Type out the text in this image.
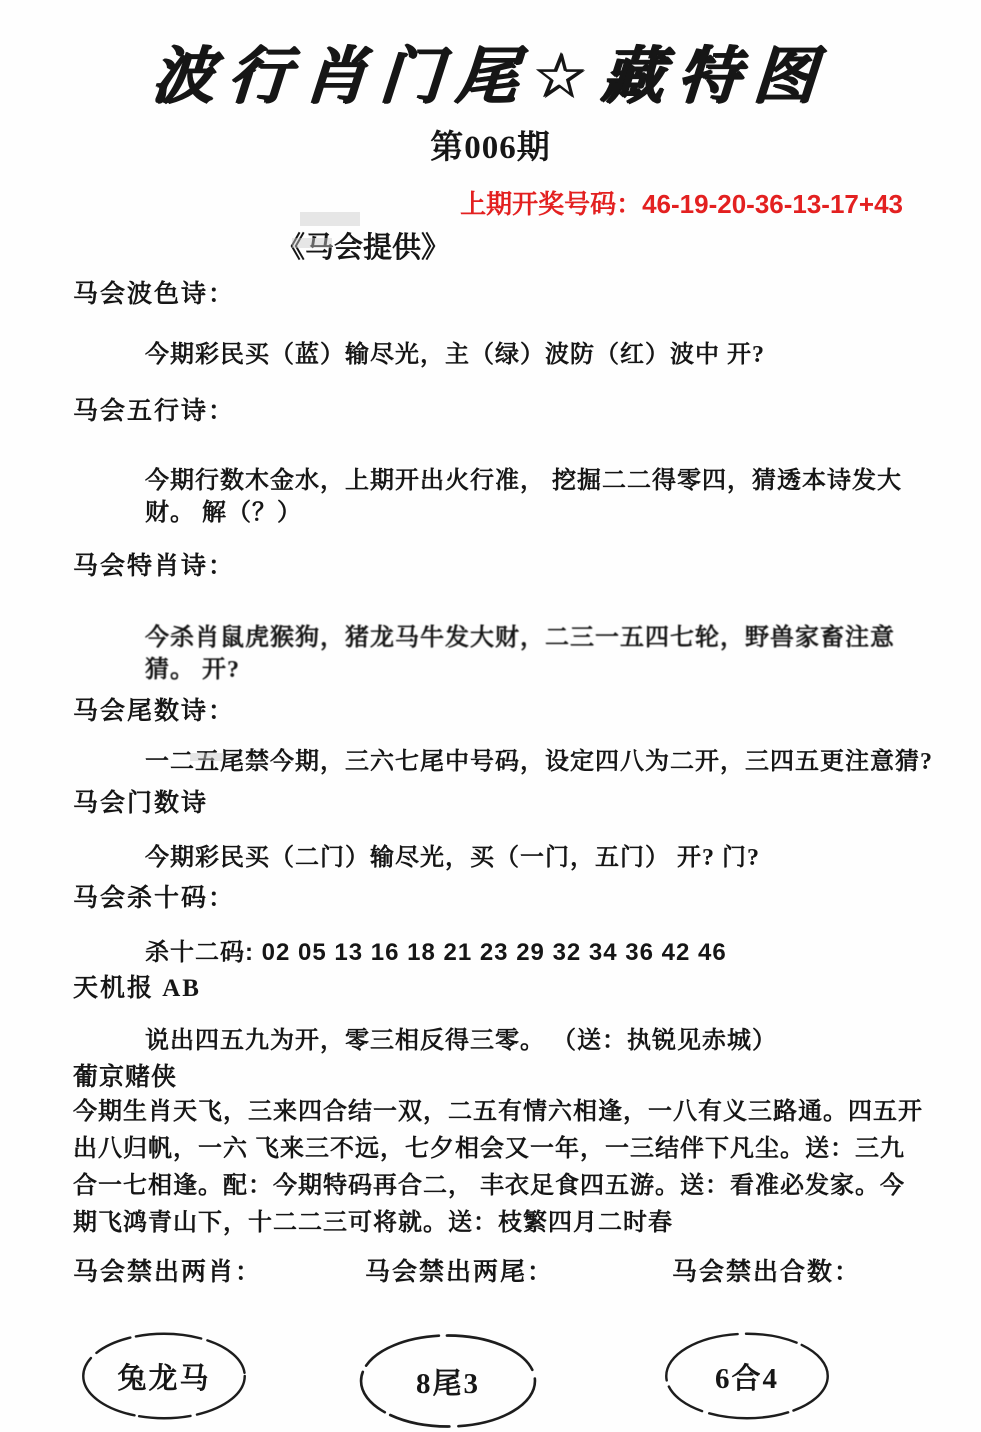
波行肖门尾☆藏特图
第006期
上期开奖号码：46-19-20-36-13-17+43
《马会提供》
马会波色诗：
今期彩民买（蓝）输尽光，主（绿）波防（红）波中 开?
马会五行诗：
今期行数木金水，上期开出火行准， 挖掘二二得零四，猜透本诗发大财。 解（？）
马会特肖诗：
今杀肖鼠虎猴狗，猪龙马牛发大财，二三一五四七轮，野兽家畜注意猜。 开?
马会尾数诗：
一二五尾禁今期，三六七尾中号码，设定四八为二开，三四五更注意猜?
马会门数诗
今期彩民买（二门）输尽光，买（一门，五门） 开? 门?
马会杀十码：
杀十二码: 02 05 13 16 18 21 23 29 32 34 36 42 46
天机报 AB
说出四五九为开，零三相反得三零。 （送：执锐见赤城）
葡京赌侠
今期生肖天飞，三来四合结一双，二五有情六相逢，一八有义三路通。四五开出八归帆，一六 飞来三不远，七夕相会又一年，一三结伴下凡尘。送：三九合一七相逢。配：今期特码再合二， 丰衣足食四五游。送：看准必发家。今期飞鸿青山下，十二二三可将就。送：枝繁四月二时春
马会禁出两肖：
兔龙马
马会禁出两尾：
8尾3
马会禁出合数：
6合4
